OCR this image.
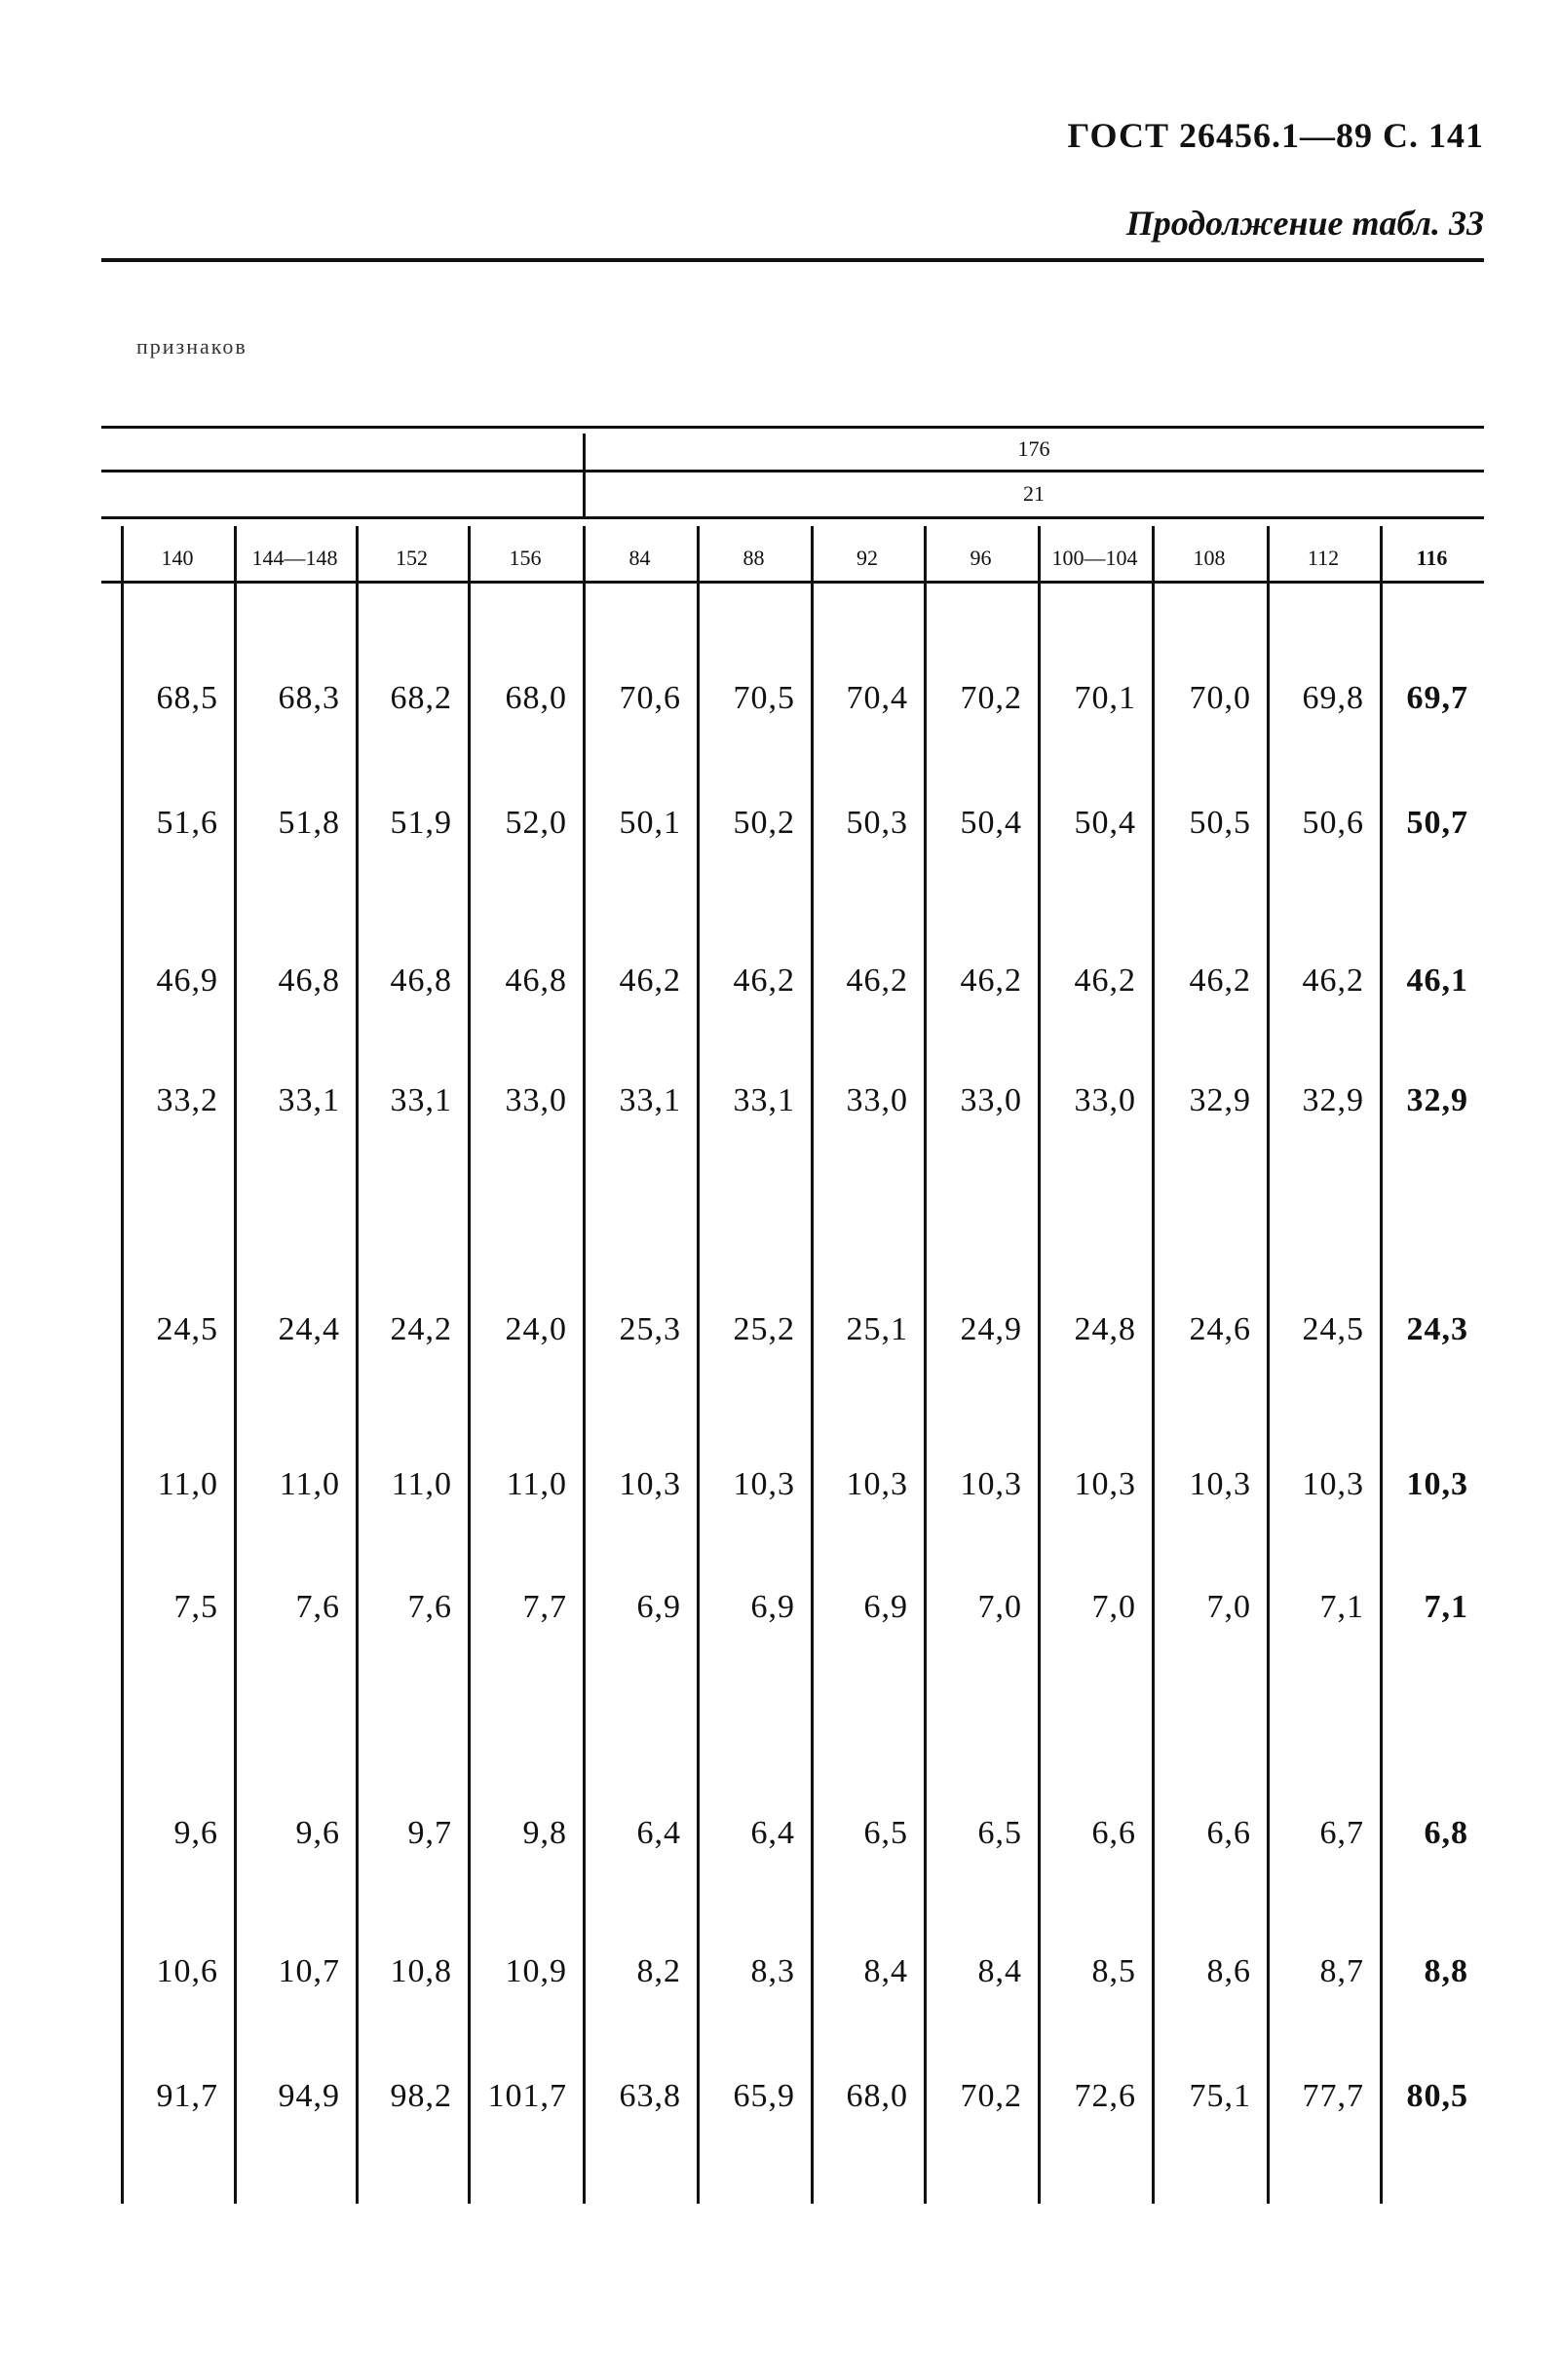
ГОСТ 26456.1—89 С. 141
Продолжение табл. 33
признаков
176
21
140	144—148	152	156	84	88	92	96	100—104	108	112	116
68,5	68,3	68,2	68,0	70,6	70,5	70,4	70,2	70,1	70,0	69,8	69,7
51,6	51,8	51,9	52,0	50,1	50,2	50,3	50,4	50,4	50,5	50,6	50,7
46,9	46,8	46,8	46,8	46,2	46,2	46,2	46,2	46,2	46,2	46,2	46,1
33,2	33,1	33,1	33,0	33,1	33,1	33,0	33,0	33,0	32,9	32,9	32,9
24,5	24,4	24,2	24,0	25,3	25,2	25,1	24,9	24,8	24,6	24,5	24,3
11,0	11,0	11,0	11,0	10,3	10,3	10,3	10,3	10,3	10,3	10,3	10,3
7,5	7,6	7,6	7,7	6,9	6,9	6,9	7,0	7,0	7,0	7,1	7,1
9,6	9,6	9,7	9,8	6,4	6,4	6,5	6,5	6,6	6,6	6,7	6,8
10,6	10,7	10,8	10,9	8,2	8,3	8,4	8,4	8,5	8,6	8,7	8,8
91,7	94,9	98,2	101,7	63,8	65,9	68,0	70,2	72,6	75,1	77,7	80,5
